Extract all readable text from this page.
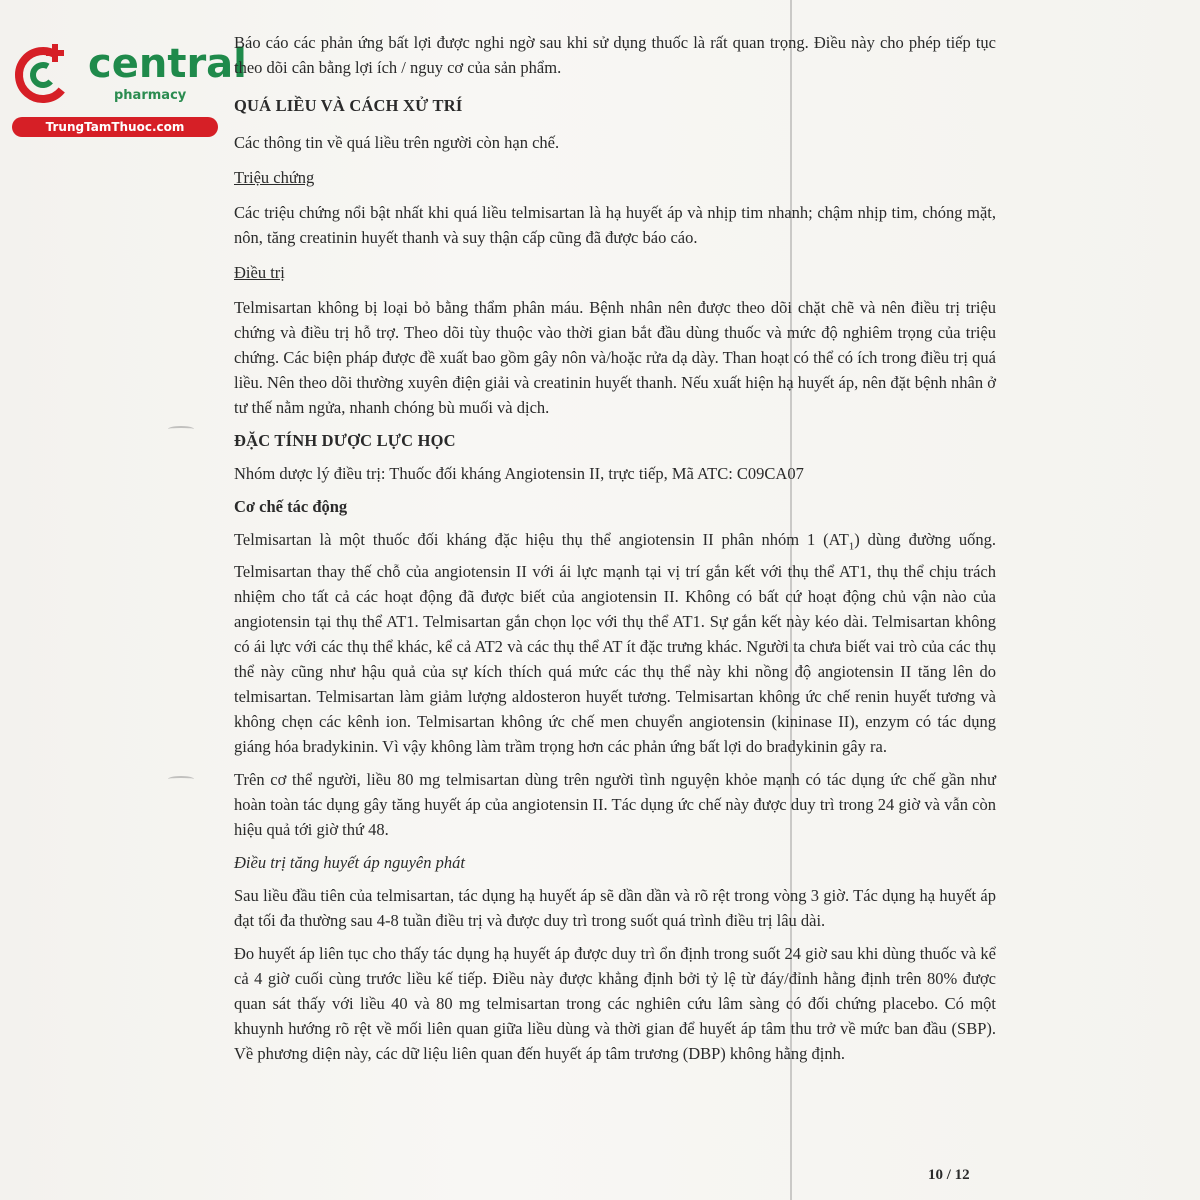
central
pharmacy
TrungTamThuoc.com

Báo cáo các phản ứng bất lợi được nghi ngờ sau khi sử dụng thuốc là rất quan trọng. Điều này cho phép tiếp tục theo dõi cân bằng lợi ích / nguy cơ của sản phẩm.

QUÁ LIỀU VÀ CÁCH XỬ TRÍ

Các thông tin về quá liều trên người còn hạn chế.

Triệu chứng

Các triệu chứng nổi bật nhất khi quá liều telmisartan là hạ huyết áp và nhịp tim nhanh; chậm nhịp tim, chóng mặt, nôn, tăng creatinin huyết thanh và suy thận cấp cũng đã được báo cáo.

Điều trị

Telmisartan không bị loại bỏ bằng thẩm phân máu. Bệnh nhân nên được theo dõi chặt chẽ và nên điều trị triệu chứng và điều trị hỗ trợ. Theo dõi tùy thuộc vào thời gian bắt đầu dùng thuốc và mức độ nghiêm trọng của triệu chứng. Các biện pháp được đề xuất bao gồm gây nôn và/hoặc rửa dạ dày. Than hoạt có thể có ích trong điều trị quá liều. Nên theo dõi thường xuyên điện giải và creatinin huyết thanh. Nếu xuất hiện hạ huyết áp, nên đặt bệnh nhân ở tư thế nằm ngửa, nhanh chóng bù muối và dịch.

ĐẶC TÍNH DƯỢC LỰC HỌC

Nhóm dược lý điều trị: Thuốc đối kháng Angiotensin II, trực tiếp, Mã ATC: C09CA07

Cơ chế tác động

Telmisartan là một thuốc đối kháng đặc hiệu thụ thể angiotensin II phân nhóm 1 $(AT_1)$ dùng đường uống. Telmisartan thay thế chỗ của angiotensin II với ái lực mạnh tại vị trí gắn kết với thụ thể AT1, thụ thể chịu trách nhiệm cho tất cả các hoạt động đã được biết của angiotensin II. Không có bất cứ hoạt động chủ vận nào của angiotensin tại thụ thể AT1. Telmisartan gắn chọn lọc với thụ thể AT1. Sự gắn kết này kéo dài. Telmisartan không có ái lực với các thụ thể khác, kể cả AT2 và các thụ thể AT ít đặc trưng khác. Người ta chưa biết vai trò của các thụ thể này cũng như hậu quả của sự kích thích quá mức các thụ thể này khi nồng độ angiotensin II tăng lên do telmisartan. Telmisartan làm giảm lượng aldosteron huyết tương. Telmisartan không ức chế renin huyết tương và không chẹn các kênh ion. Telmisartan không ức chế men chuyển angiotensin (kininase II), enzym có tác dụng giáng hóa bradykinin. Vì vậy không làm trầm trọng hơn các phản ứng bất lợi do bradykinin gây ra.

Trên cơ thể người, liều 80 mg telmisartan dùng trên người tình nguyện khỏe mạnh có tác dụng ức chế gần như hoàn toàn tác dụng gây tăng huyết áp của angiotensin II. Tác dụng ức chế này được duy trì trong 24 giờ và vẫn còn hiệu quả tới giờ thứ 48.

Điều trị tăng huyết áp nguyên phát

Sau liều đầu tiên của telmisartan, tác dụng hạ huyết áp sẽ dần dần và rõ rệt trong vòng 3 giờ. Tác dụng hạ huyết áp đạt tối đa thường sau 4-8 tuần điều trị và được duy trì trong suốt quá trình điều trị lâu dài.

Đo huyết áp liên tục cho thấy tác dụng hạ huyết áp được duy trì ổn định trong suốt 24 giờ sau khi dùng thuốc và kể cả 4 giờ cuối cùng trước liều kế tiếp. Điều này được khẳng định bởi tỷ lệ từ đáy/đỉnh hằng định trên 80% được quan sát thấy với liều 40 và 80 mg telmisartan trong các nghiên cứu lâm sàng có đối chứng placebo. Có một khuynh hướng rõ rệt về mối liên quan giữa liều dùng và thời gian để huyết áp tâm thu trở về mức ban đầu (SBP). Về phương diện này, các dữ liệu liên quan đến huyết áp tâm trương (DBP) không hằng định.

10 / 12
